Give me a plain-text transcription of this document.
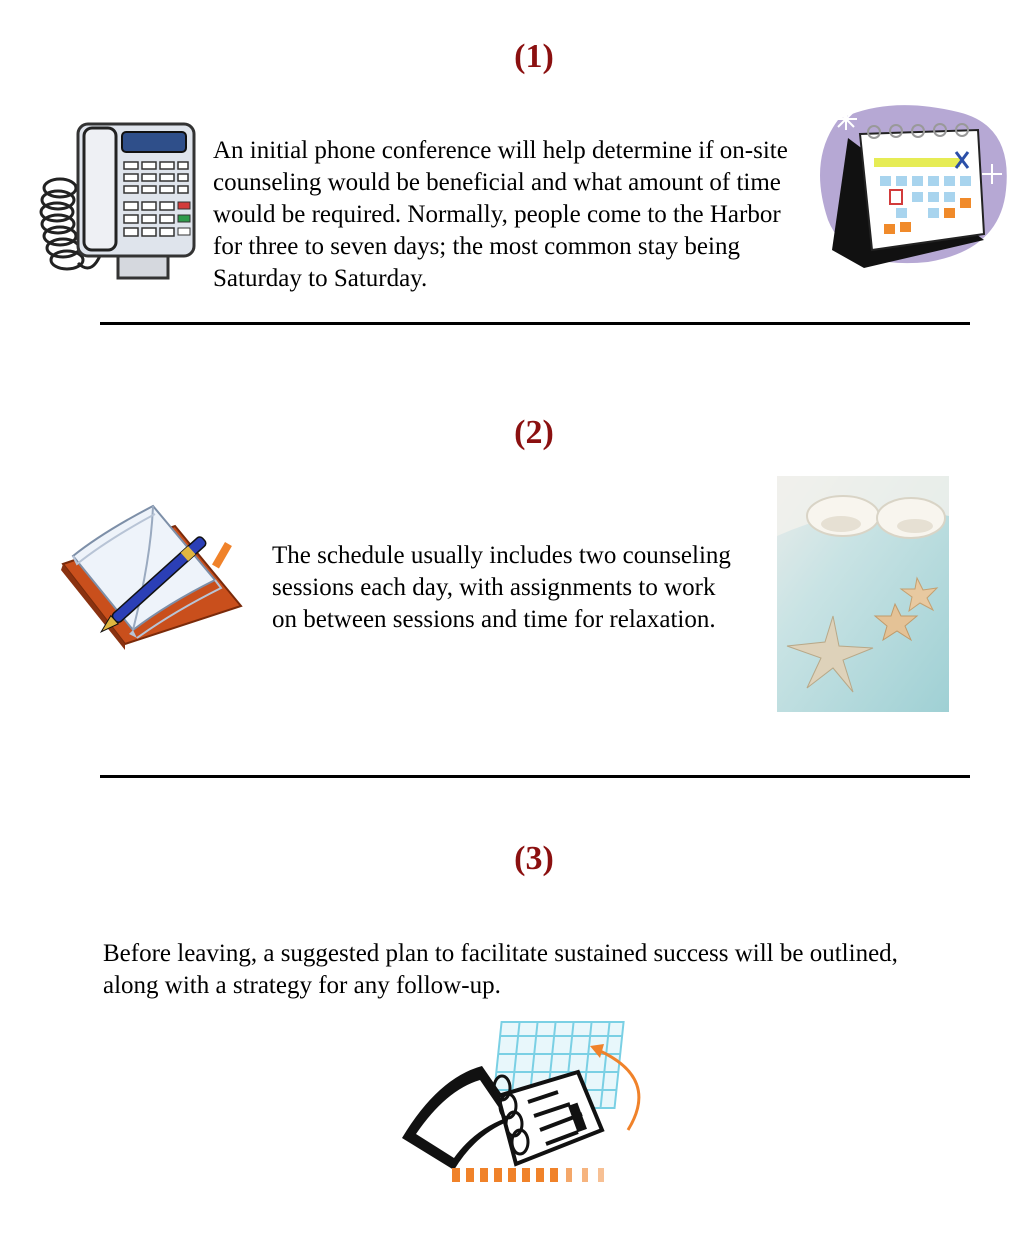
(1)

An initial phone conference will help determine if on-site counseling would be beneficial and what amount of time would be required. Normally, people come to the Harbor for three to seven days; the most common stay being Saturday to Saturday.

(2)

The schedule usually includes two counseling sessions each day, with assignments to work on between sessions and time for relaxation.

(3)

Before leaving, a suggested plan to facilitate sustained success will be outlined, along with a strategy for any follow-up.
